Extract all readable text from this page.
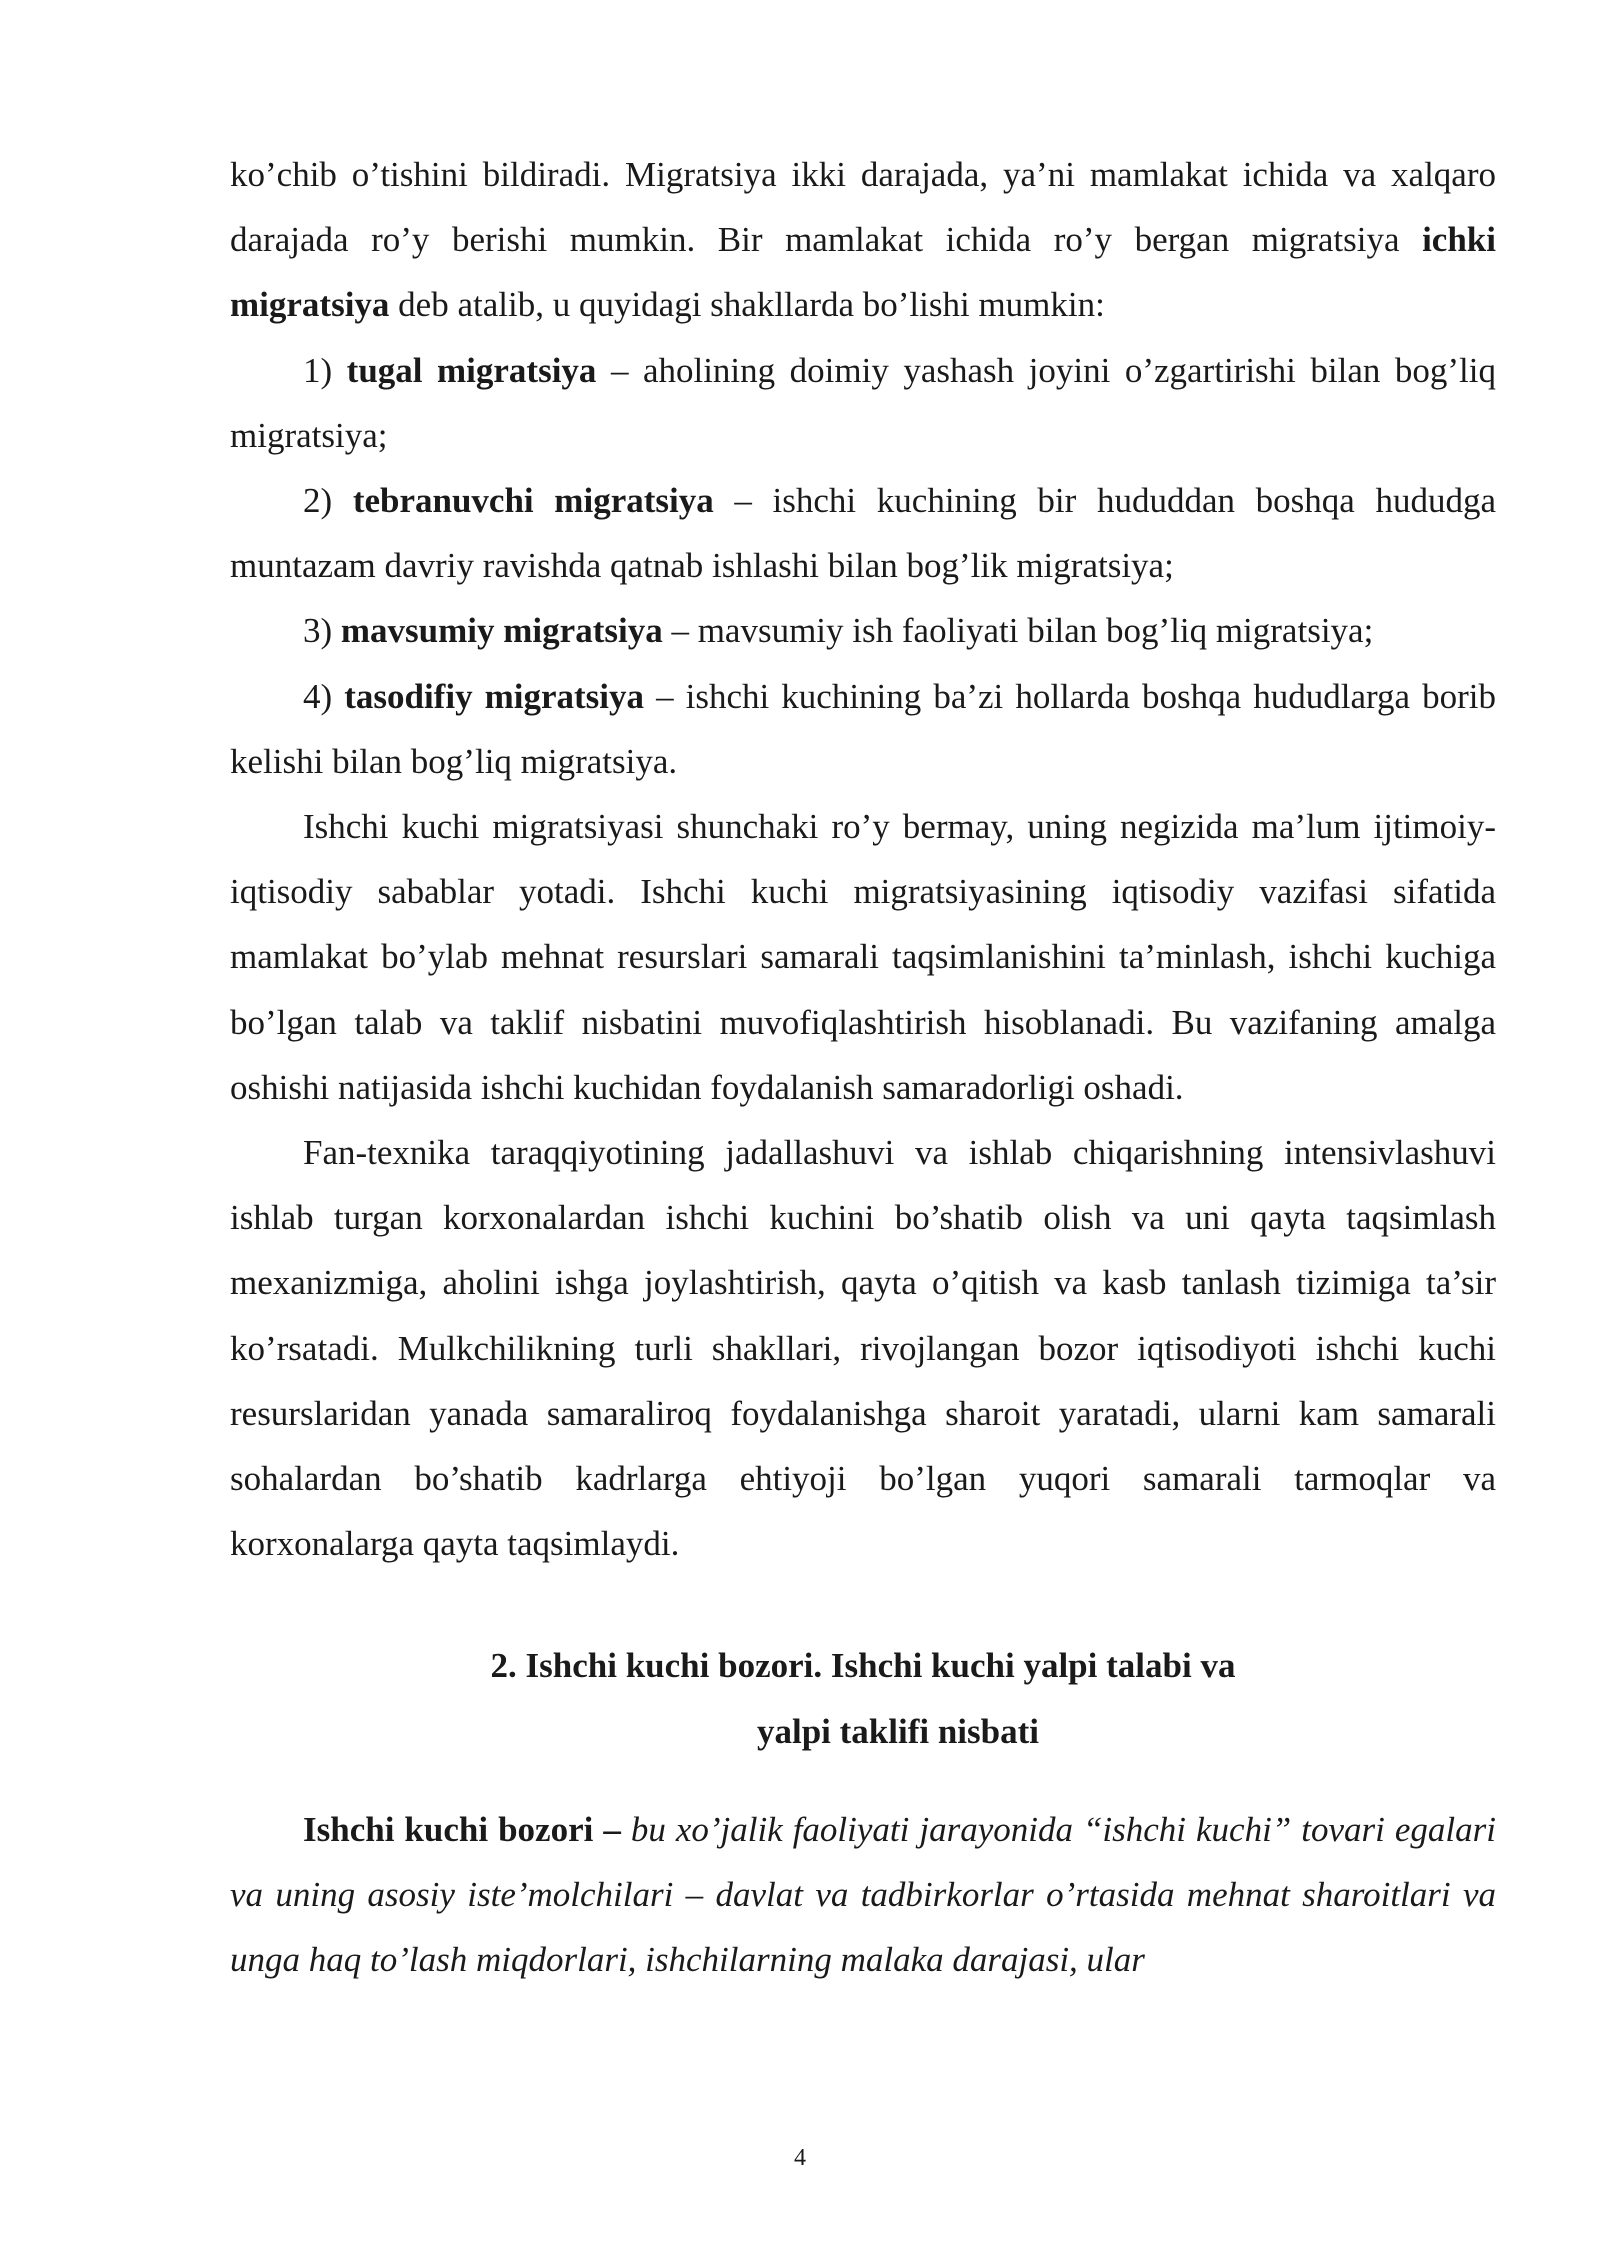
ko’chib o’tishini bildiradi. Migratsiya ikki darajada, ya’ni mamlakat ichida va xalqaro darajada ro’y berishi mumkin. Bir mamlakat ichida ro’y bergan migratsiya ichki migratsiya deb atalib, u quyidagi shakllarda bo’lishi mumkin:

1) tugal migratsiya – aholining doimiy yashash joyini o’zgartirishi bilan bog’liq migratsiya;

2) tebranuvchi migratsiya – ishchi kuchining bir hududdan boshqa hududga muntazam davriy ravishda qatnab ishlashi bilan bog’lik migratsiya;

3) mavsumiy migratsiya – mavsumiy ish faoliyati bilan bog’liq migratsiya;

4) tasodifiy migratsiya – ishchi kuchining ba’zi hollarda boshqa hududlarga borib kelishi bilan bog’liq migratsiya.

Ishchi kuchi migratsiyasi shunchaki ro’y bermay, uning negizida ma’lum ijtimoiy-iqtisodiy sabablar yotadi. Ishchi kuchi migratsiyasining iqtisodiy vazifasi sifatida mamlakat bo’ylab mehnat resurslari samarali taqsimlanishini ta’minlash, ishchi kuchiga bo’lgan talab va taklif nisbatini muvofiqlashtirish hisoblanadi. Bu vazifaning amalga oshishi natijasida ishchi kuchidan foydalanish samaradorligi oshadi.

Fan-texnika taraqqiyotining jadallashuvi va ishlab chiqarishning intensivlashuvi ishlab turgan korxonalardan ishchi kuchini bo’shatib olish va uni qayta taqsimlash mexanizmiga, aholini ishga joylashtirish, qayta o’qitish va kasb tanlash tizimiga ta’sir ko’rsatadi. Mulkchilikning turli shakllari, rivojlangan bozor iqtisodiyoti ishchi kuchi resurslaridan yanada samaraliroq foydalanishga sharoit yaratadi, ularni kam samarali sohalardan bo’shatib kadrlarga ehtiyoji bo’lgan yuqori samarali tarmoqlar va korxonalarga qayta taqsimlaydi.

2. Ishchi kuchi bozori. Ishchi kuchi yalpi talabi va
yalpi taklifi nisbati

Ishchi kuchi bozori – bu xo’jalik faoliyati jarayonida “ishchi kuchi” tovari egalari va uning asosiy iste’molchilari – davlat va tadbirkorlar o’rtasida mehnat sharoitlari va unga haq to’lash miqdorlari, ishchilarning malaka darajasi, ular

4
